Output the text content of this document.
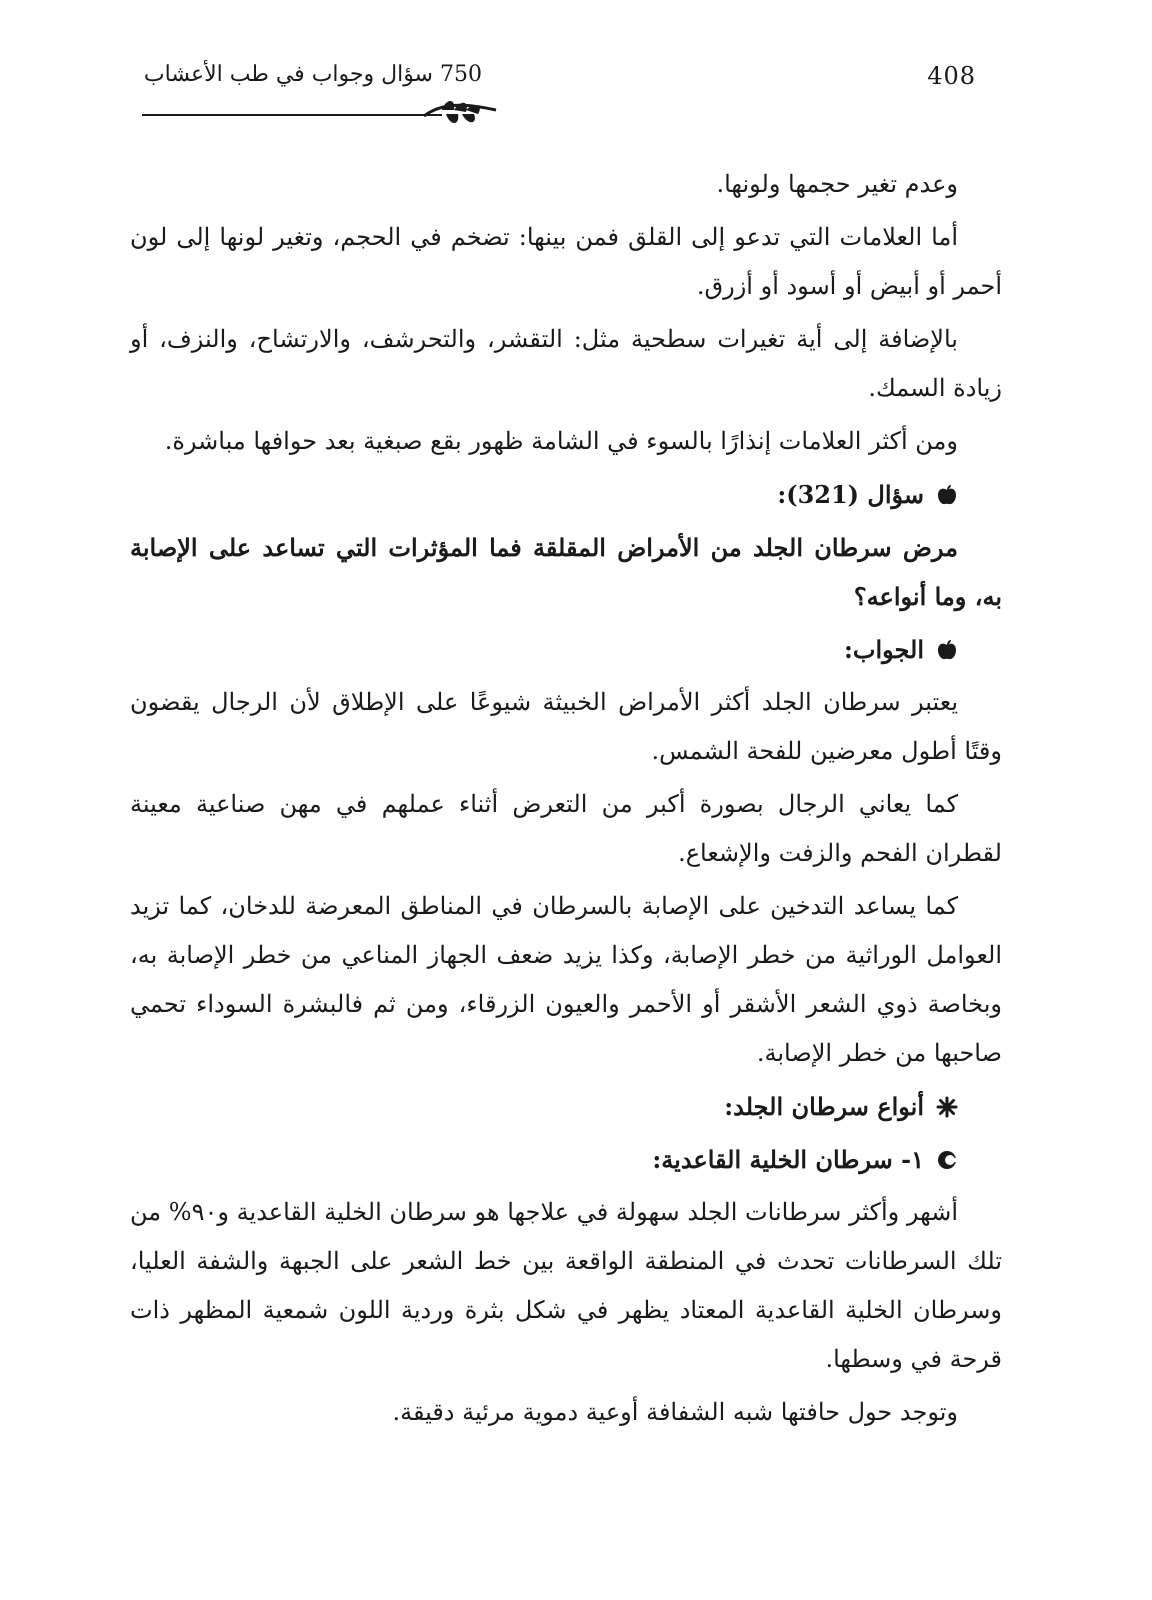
750 سؤال وجواب في طب الأعشاب	408

وعدم تغير حجمها ولونها.

أما العلامات التي تدعو إلى القلق فمن بينها: تضخم في الحجم، وتغير لونها إلى لون أحمر أو أبيض أو أسود أو أزرق.

بالإضافة إلى أية تغيرات سطحية مثل: التقشر، والتحرشف، والارتشاح، والنزف، أو زيادة السمك.

ومن أكثر العلامات إنذارًا بالسوء في الشامة ظهور بقع صبغية بعد حوافها مباشرة.

سؤال (321):

مرض سرطان الجلد من الأمراض المقلقة فما المؤثرات التي تساعد على الإصابة به، وما أنواعه؟

الجواب:

يعتبر سرطان الجلد أكثر الأمراض الخبيثة شيوعًا على الإطلاق لأن الرجال يقضون وقتًا أطول معرضين للفحة الشمس.

كما يعاني الرجال بصورة أكبر من التعرض أثناء عملهم في مهن صناعية معينة لقطران الفحم والزفت والإشعاع.

كما يساعد التدخين على الإصابة بالسرطان في المناطق المعرضة للدخان، كما تزيد العوامل الوراثية من خطر الإصابة، وكذا يزيد ضعف الجهاز المناعي من خطر الإصابة به، وبخاصة ذوي الشعر الأشقر أو الأحمر والعيون الزرقاء، ومن ثم فالبشرة السوداء تحمي صاحبها من خطر الإصابة.

أنواع سرطان الجلد:
١- سرطان الخلية القاعدية:

أشهر وأكثر سرطانات الجلد سهولة في علاجها هو سرطان الخلية القاعدية و٩٠% من تلك السرطانات تحدث في المنطقة الواقعة بين خط الشعر على الجبهة والشفة العليا، وسرطان الخلية القاعدية المعتاد يظهر في شكل بثرة وردية اللون شمعية المظهر ذات قرحة في وسطها.

وتوجد حول حافتها شبه الشفافة أوعية دموية مرئية دقيقة.
